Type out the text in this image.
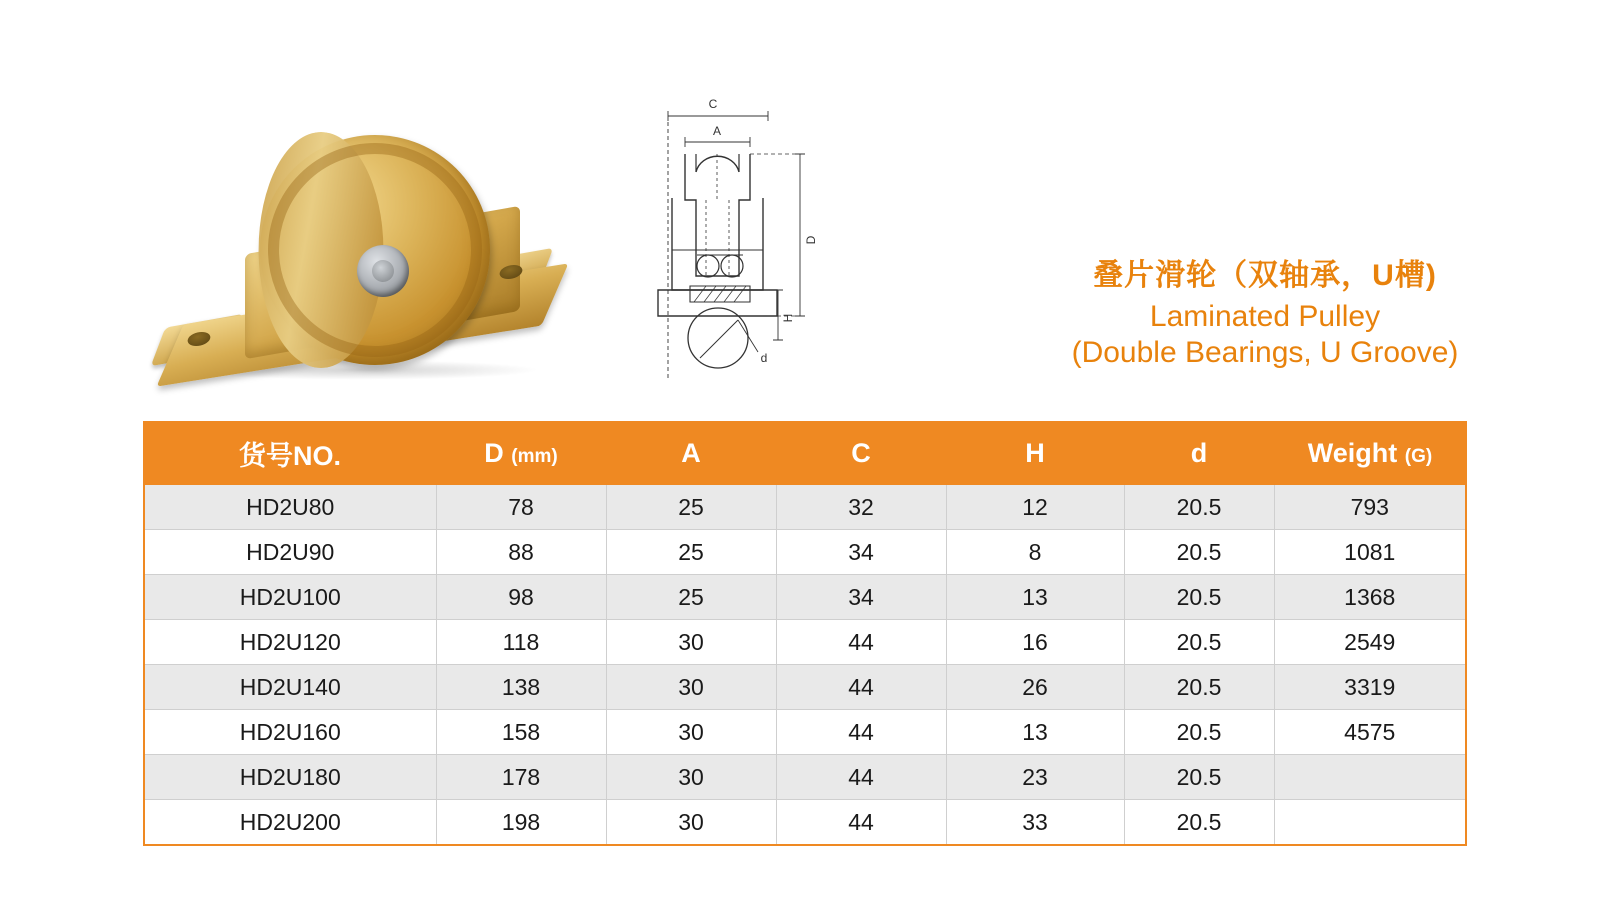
C
A
D
H
d
叠片滑轮（双轴承，U槽)
Laminated Pulley
(Double Bearings, U Groove)
货号NO.	D (mm)	A	C	H	d	Weight (G)
HD2U80	78	25	32	12	20.5	793
HD2U90	88	25	34	8	20.5	1081
HD2U100	98	25	34	13	20.5	1368
HD2U120	118	30	44	16	20.5	2549
HD2U140	138	30	44	26	20.5	3319
HD2U160	158	30	44	13	20.5	4575
HD2U180	178	30	44	23	20.5	
HD2U200	198	30	44	33	20.5	
